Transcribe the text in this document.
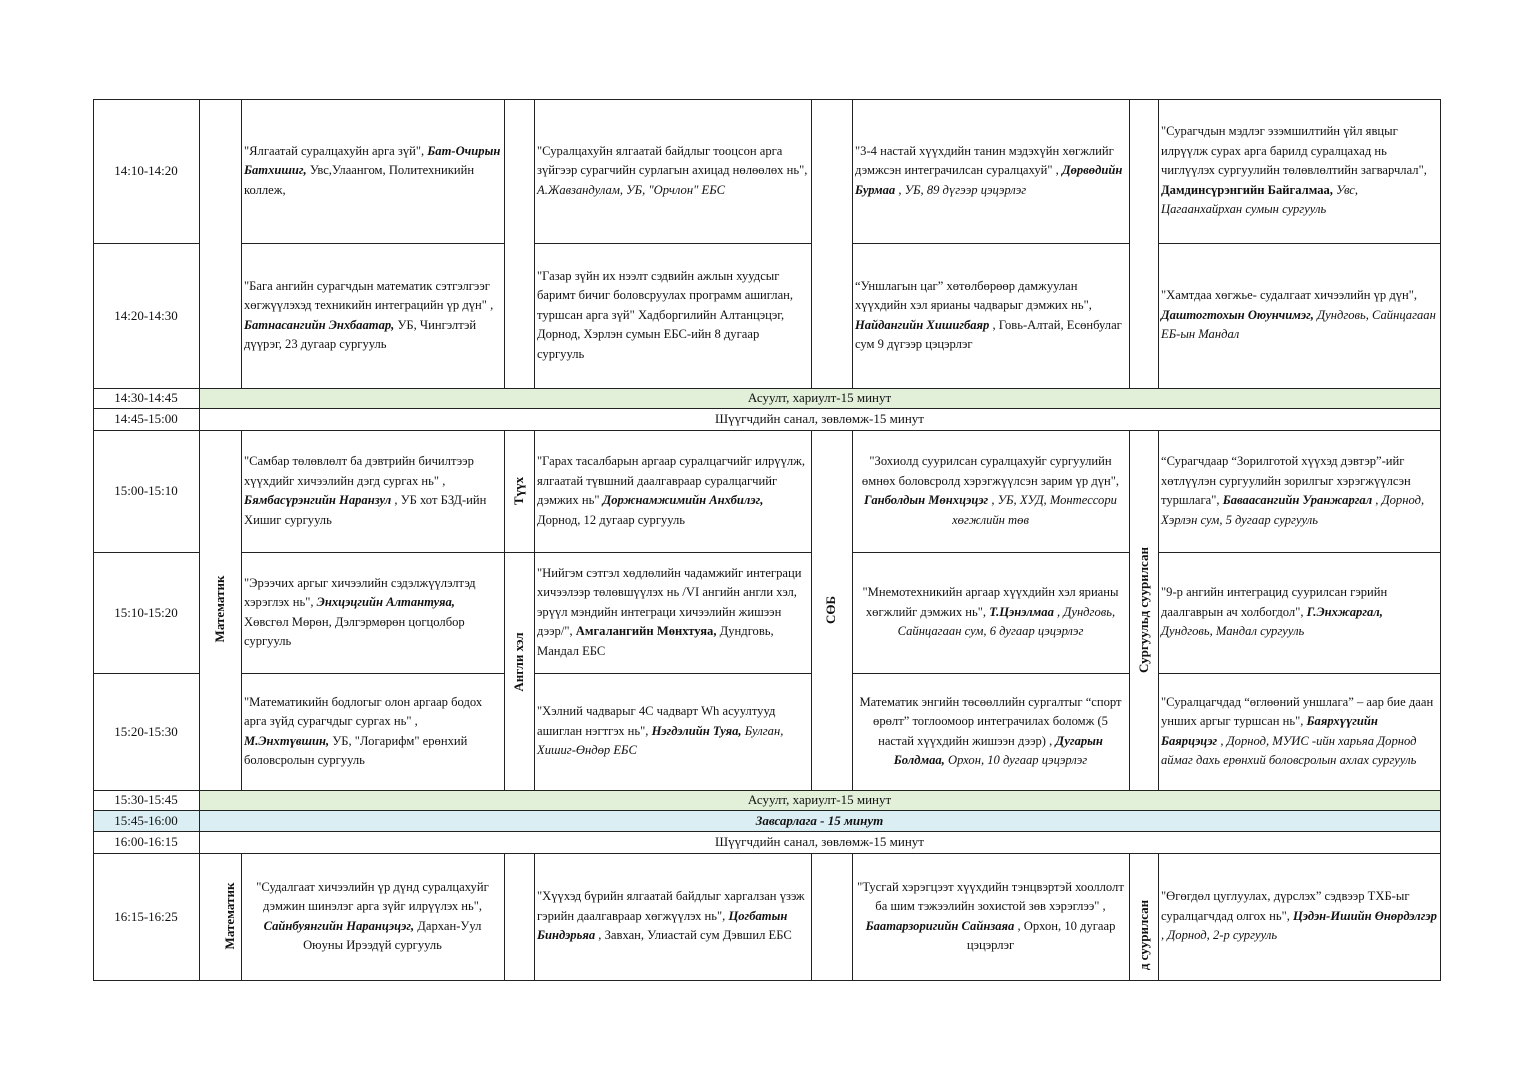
14:10-14:20
14:20-14:30
14:30-14:45
14:45-15:00
15:00-15:10
15:10-15:20
15:20-15:30
15:30-15:45
15:45-16:00
16:00-16:15
16:15-16:25
Асуулт, хариулт-15 минут
Шүүгчдийн санал, зөвлөмж-15 минут
Асуулт, хариулт-15 минут
Завсарлага - 15 минут
Шүүгчдийн санал, зөвлөмж-15 минут
"Ялгаатай суралцахуйн арга зүй", Бат-Очирын Батхишиг, Увс,Улаангом, Политехникийн коллеж,
"Бага ангийн сурагчдын математик сэтгэлгээг хөгжүүлэхэд техникийн интеграцийн үр дүн" , Батнасангийн Энхбаатар, УБ, Чингэлтэй дүүрэг, 23 дугаар сургууль
"Самбар төлөвлөлт ба дэвтрийн бичилтээр хүүхдийг хичээлийн дэгд сургах нь" , Бямбасүрэнгийн Наранзул , УБ хот БЗД-ийн Хишиг сургууль
"Эрээчих аргыг хичээлийн сэдэлжүүлэлтэд хэрэглэх нь", Энхцэцгийн Алтантуяа, Хөвсгөл Мөрөн, Дэлгэрмөрөн цогцолбор сургууль
"Математикийн бодлогыг олон аргаар бодох арга зүйд сурагчдыг сургах нь" , М.Энхтүвшин, УБ, "Логарифм" ерөнхий боловсролын сургууль
"Судалгаат хичээлийн үр дүнд суралцахуйг дэмжин шинэлэг арга зүйг илрүүлэх нь", Сайнбуянгийн Наранцэцэг, Дархан-Уул Оюуны Ирээдүй сургууль
"Суралцахуйн ялгаатай байдлыг тооцсон арга зүйгээр сурагчийн сурлагын ахицад нөлөөлөх нь", А.Жавзандулам, УБ, "Орчлон" ЕБС
"Газар зүйн их нээлт сэдвийн ажлын хуудсыг баримт бичиг боловсруулах программ ашиглан, туршсан арга зүй" Хадборгилийн Алтанцэцэг, Дорнод, Хэрлэн сумын ЕБС-ийн 8 дугаар сургууль
"Гарах тасалбарын аргаар суралцагчийг илрүүлж, ялгаатай түвшний даалгавраар суралцагчийг дэмжих нь" Доржнамжимийн Анхбилэг, Дорнод, 12 дугаар сургууль
"Нийгэм сэтгэл хөдлөлийн чадамжийг интеграци хичээлээр төлөвшүүлэх нь /VI ангийн англи хэл, эрүүл мэндийн интеграци хичээлийн жишээн дээр/", Амгалангийн Мөнхтуяа, Дундговь, Мандал ЕБС
"Хэлний чадварыг 4С чадварт Wh асуултууд ашиглан нэгтгэх нь", Нэгдэлийн Туяа, Булган, Хишиг-Өндөр ЕБС
"Хүүхэд бүрийн ялгаатай байдлыг харгалзан үзэж гэрийн даалгавраар хөгжүүлэх нь", Цогбатын Биндэрьяа , Завхан, Улиастай сум Дэвшил ЕБС
"3-4 настай хүүхдийн танин мэдэхүйн хөгжлийг дэмжсэн интеграчилсан суралцахуй" , Дөрвөдийн Бурмаа , УБ, 89 дүгээр цэцэрлэг
“Уншлагын цаг” хөтөлбөрөөр дамжуулан хүүхдийн хэл ярианы чадварыг дэмжих нь", Найдангийн Хишигбаяр , Говь-Алтай, Есөнбулаг сум 9 дүгээр цэцэрлэг
"Зохиолд суурилсан суралцахуйг сургуулийн өмнөх боловсролд хэрэгжүүлсэн зарим үр дүн", Ганболдын Мөнхцэцэг , УБ, ХУД, Монтессори хөгжлийн төв
"Мнемотехникийн аргаар хүүхдийн хэл ярианы хөгжлийг дэмжих нь", Т.Цэнэлмаа , Дундговь, Сайнцагаан сум, 6 дугаар цэцэрлэг
Математик энгийн төсөөллийн сургалтыг “спорт өрөлт” тоглоомоор интеграчилах боломж (5 настай хүүхдийн жишээн дээр) , Дугарын Болдмаа, Орхон, 10 дугаар цэцэрлэг
"Тусгай хэрэгцээт хүүхдийн тэнцвэртэй хооллолт ба шим тэжээлийн зохистой зөв хэрэглээ" , Баатарзоригийн Сайнзаяа , Орхон, 10 дугаар цэцэрлэг
"Сурагчдын мэдлэг эзэмшилтийн үйл явцыг илрүүлж сурах арга барилд суралцахад нь чиглүүлэх сургуулийн төлөвлөлтийн загварчлал", Дамдинсүрэнгийн Байгалмаа, Увс, Цагаанхайрхан сумын сургууль
"Хамтдаа хөгжье- судалгаат хичээлийн үр дүн", Даштогтохын Оюунчимэг, Дундговь, Сайнцагаан ЕБ-ын Мандал
“Сурагчдаар “Зорилготой хүүхэд дэвтэр”-ийг хөтлүүлэн сургуулийн зорилгыг хэрэгжүүлсэн туршлага", Баваасангийн Уранжаргал , Дорнод, Хэрлэн сум, 5 дугаар сургууль
"9-р ангийн интеграцид суурилсан гэрийн даалгаврын ач холбогдол", Г.Энхжаргал, Дундговь, Мандал сургууль
"Суралцагчдад “өглөөний уншлага” – аар бие даан унших аргыг туршсан нь", Баярхүүгийн Баярцэцэг , Дорнод, МУИС -ийн харьяа Дорнод аймаг дахь ерөнхий боловсролын ахлах сургууль
"Өгөгдөл цуглуулах, дүрслэх” сэдвээр ТХБ-ыг суралцагчдад олгох нь", Цэдэн-Ишийн Өнөрдэлгэр , Дорнод, 2-р сургууль
Математик
Математик
Түүх
Англи хэл
СӨБ	Сургуульд суурилсан
д суурилсан
